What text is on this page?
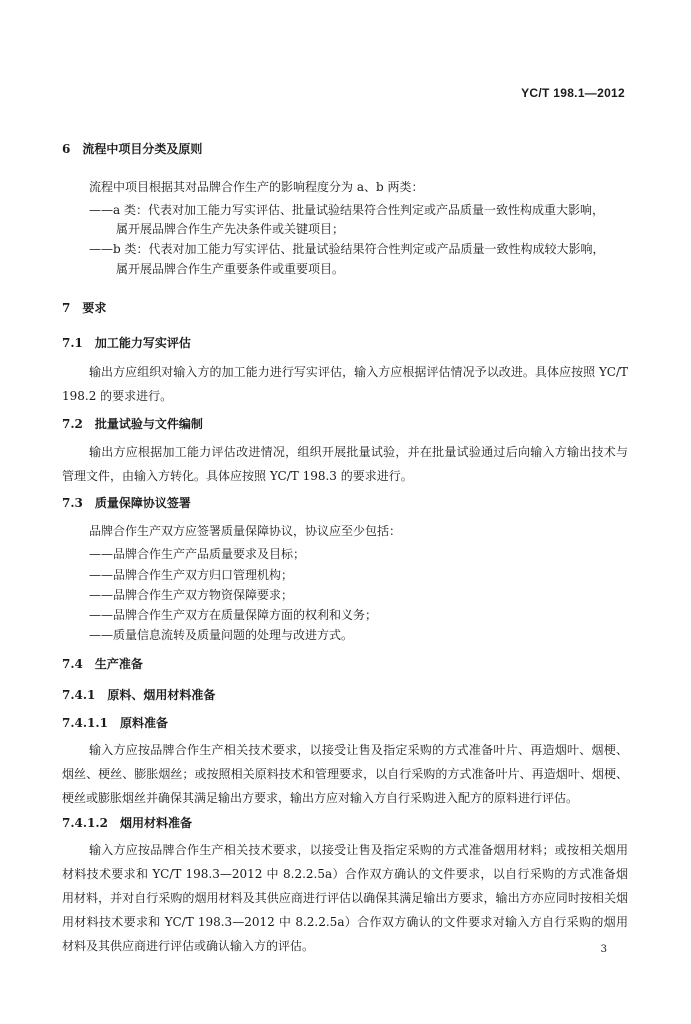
YC/T 198.1—2012
6 流程中项目分类及原则
流程中项目根据其对品牌合作生产的影响程度分为 a、b 两类：
——a 类：代表对加工能力写实评估、批量试验结果符合性判定或产品质量一致性构成重大影响，
属开展品牌合作生产先决条件或关键项目；
——b 类：代表对加工能力写实评估、批量试验结果符合性判定或产品质量一致性构成较大影响，
属开展品牌合作生产重要条件或重要项目。
7 要求
7.1 加工能力写实评估
输出方应组织对输入方的加工能力进行写实评估，输入方应根据评估情况予以改进。具体应按照 YC/T 198.2 的要求进行。
7.2 批量试验与文件编制
输出方应根据加工能力评估改进情况，组织开展批量试验，并在批量试验通过后向输入方输出技术与管理文件，由输入方转化。具体应按照 YC/T 198.3 的要求进行。
7.3 质量保障协议签署
品牌合作生产双方应签署质量保障协议，协议应至少包括：
——品牌合作生产产品质量要求及目标；
——品牌合作生产双方归口管理机构；
——品牌合作生产双方物资保障要求；
——品牌合作生产双方在质量保障方面的权利和义务；
——质量信息流转及质量问题的处理与改进方式。
7.4 生产准备
7.4.1 原料、烟用材料准备
7.4.1.1 原料准备
输入方应按品牌合作生产相关技术要求，以接受让售及指定采购的方式准备叶片、再造烟叶、烟梗、烟丝、梗丝、膨胀烟丝；或按照相关原料技术和管理要求，以自行采购的方式准备叶片、再造烟叶、烟梗、梗丝或膨胀烟丝并确保其满足输出方要求，输出方应对输入方自行采购进入配方的原料进行评估。
7.4.1.2 烟用材料准备
输入方应按品牌合作生产相关技术要求，以接受让售及指定采购的方式准备烟用材料；或按相关烟用材料技术要求和 YC/T 198.3—2012 中 8.2.2.5a）合作双方确认的文件要求，以自行采购的方式准备烟用材料，并对自行采购的烟用材料及其供应商进行评估以确保其满足输出方要求，输出方亦应同时按相关烟用材料技术要求和 YC/T 198.3—2012 中 8.2.2.5a）合作双方确认的文件要求对输入方自行采购的烟用材料及其供应商进行评估或确认输入方的评估。	3
